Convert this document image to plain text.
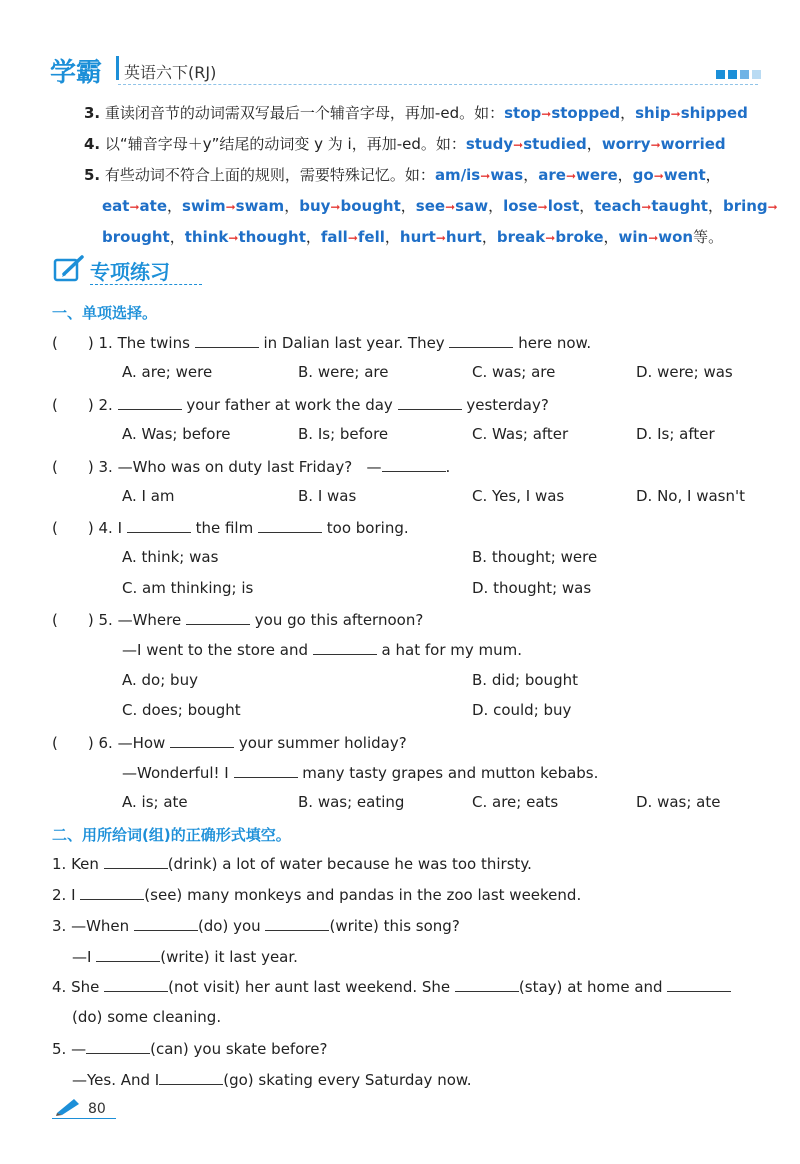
学霸 英语六下(RJ)
3. 重读闭音节的动词需双写最后一个辅音字母，再加-ed。如：stop➞stopped，ship➞shipped
4. 以“辅音字母＋y”结尾的动词变 y 为 i，再加-ed。如：study➞studied，worry➞worried
5. 有些动词不符合上面的规则，需要特殊记忆。如：am/is➞was，are➞were，go➞went，
eat➞ate，swim➞swam，buy➞bought，see➞saw，lose➞lost，teach➞taught，bring➞
brought，think➞thought，fall➞fell，hurt➞hurt，break➞broke，win➞won等。
专项练习
一、单项选择。
(　　) 1. The twins	in Dalian last year. They	here now.
A. are; were	B. were; are	C. was; are	D. were; was
(　　) 2.	your father at work the day	yesterday?
A. Was; before	B. Is; before	C. Was; after	D. Is; after
(　　) 3. —Who was on duty last Friday? —	.
A. I am	B. I was	C. Yes, I was	D. No, I wasn't
(　　) 4. I	the film	too boring.
A. think; was	B. thought; were
C. am thinking; is	D. thought; was
(　　) 5. —Where	you go this afternoon?
—I went to the store and	a hat for my mum.
A. do; buy	B. did; bought
C. does; bought	D. could; buy
(　　) 6. —How	your summer holiday?
—Wonderful! I	many tasty grapes and mutton kebabs.
A. is; ate	B. was; eating	C. are; eats	D. was; ate
二、用所给词(组)的正确形式填空。
1. Ken	(drink) a lot of water because he was too thirsty.
2. I	(see) many monkeys and pandas in the zoo last weekend.
3. —When	(do) you	(write) this song?
—I	(write) it last year.
4. She	(not visit) her aunt last weekend. She	(stay) at home and
(do) some cleaning.
5. —	(can) you skate before?
—Yes. And I	(go) skating every Saturday now.
80
